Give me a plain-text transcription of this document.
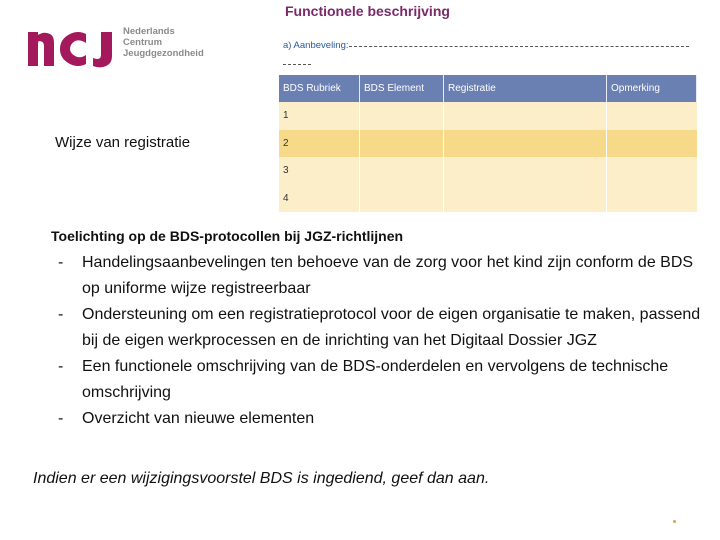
Nederlands
Centrum
Jeugdgezondheid
Wijze van registratie
Functionele beschrijving
a) Aanbeveling:
BDS Rubriek	BDS Element	Registratie	Opmerking
1
2
3
4
Toelichting op de BDS-protocollen bij JGZ-richtlijnen
- Handelingsaanbevelingen ten behoeve van de zorg voor het kind zijn conform de BDS op uniforme wijze registreerbaar
- Ondersteuning om een registratieprotocol voor de eigen organisatie te maken, passend bij de eigen werkprocessen en de inrichting van het Digitaal Dossier JGZ
- Een functionele omschrijving van de BDS-onderdelen en vervolgens de technische omschrijving
- Overzicht van nieuwe elementen
Indien er een wijzigingsvoorstel BDS is ingediend, geef dan aan.
